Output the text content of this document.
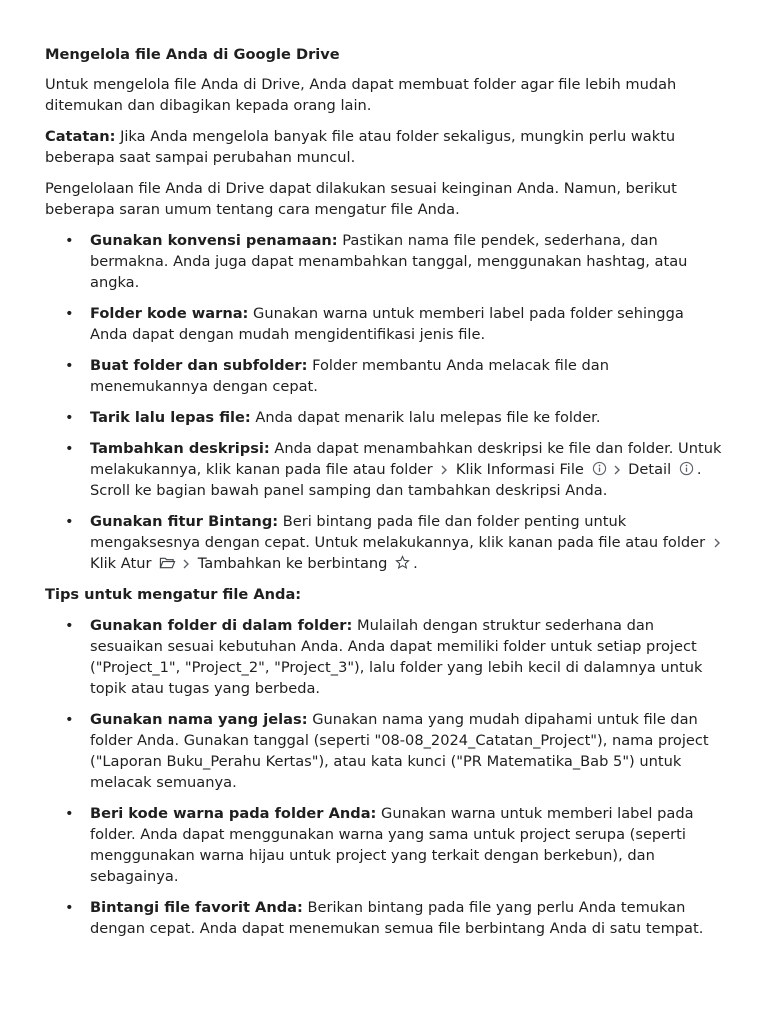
Mengelola file Anda di Google Drive

Untuk mengelola file Anda di Drive, Anda dapat membuat folder agar file lebih mudah ditemukan dan dibagikan kepada orang lain.

Catatan: Jika Anda mengelola banyak file atau folder sekaligus, mungkin perlu waktu beberapa saat sampai perubahan muncul.

Pengelolaan file Anda di Drive dapat dilakukan sesuai keinginan Anda. Namun, berikut beberapa saran umum tentang cara mengatur file Anda.

• Gunakan konvensi penamaan: Pastikan nama file pendek, sederhana, dan bermakna. Anda juga dapat menambahkan tanggal, menggunakan hashtag, atau angka.
• Folder kode warna: Gunakan warna untuk memberi label pada folder sehingga Anda dapat dengan mudah mengidentifikasi jenis file.
• Buat folder dan subfolder: Folder membantu Anda melacak file dan menemukannya dengan cepat.
• Tarik lalu lepas file: Anda dapat menarik lalu melepas file ke folder.
• Tambahkan deskripsi: Anda dapat menambahkan deskripsi ke file dan folder. Untuk melakukannya, klik kanan pada file atau folder
Klik Informasi File
Detail
. Scroll ke bagian bawah panel samping dan tambahkan deskripsi Anda.
• Gunakan fitur Bintang: Beri bintang pada file dan folder penting untuk mengaksesnya dengan cepat. Untuk melakukannya, klik kanan pada file atau folder
Klik Atur	Tambahkan ke berbintang
.
Tips untuk mengatur file Anda:
• Gunakan folder di dalam folder: Mulailah dengan struktur sederhana dan sesuaikan sesuai kebutuhan Anda. Anda dapat memiliki folder untuk setiap project ("Project_1", "Project_2", "Project_3"), lalu folder yang lebih kecil di dalamnya untuk topik atau tugas yang berbeda.
• Gunakan nama yang jelas: Gunakan nama yang mudah dipahami untuk file dan folder Anda. Gunakan tanggal (seperti "08-08_2024_Catatan_Project"), nama project ("Laporan Buku_Perahu Kertas"), atau kata kunci ("PR Matematika_Bab 5") untuk melacak semuanya.
• Beri kode warna pada folder Anda: Gunakan warna untuk memberi label pada folder. Anda dapat menggunakan warna yang sama untuk project serupa (seperti menggunakan warna hijau untuk project yang terkait dengan berkebun), dan sebagainya.
• Bintangi file favorit Anda: Berikan bintang pada file yang perlu Anda temukan dengan cepat. Anda dapat menemukan semua file berbintang Anda di satu tempat.
